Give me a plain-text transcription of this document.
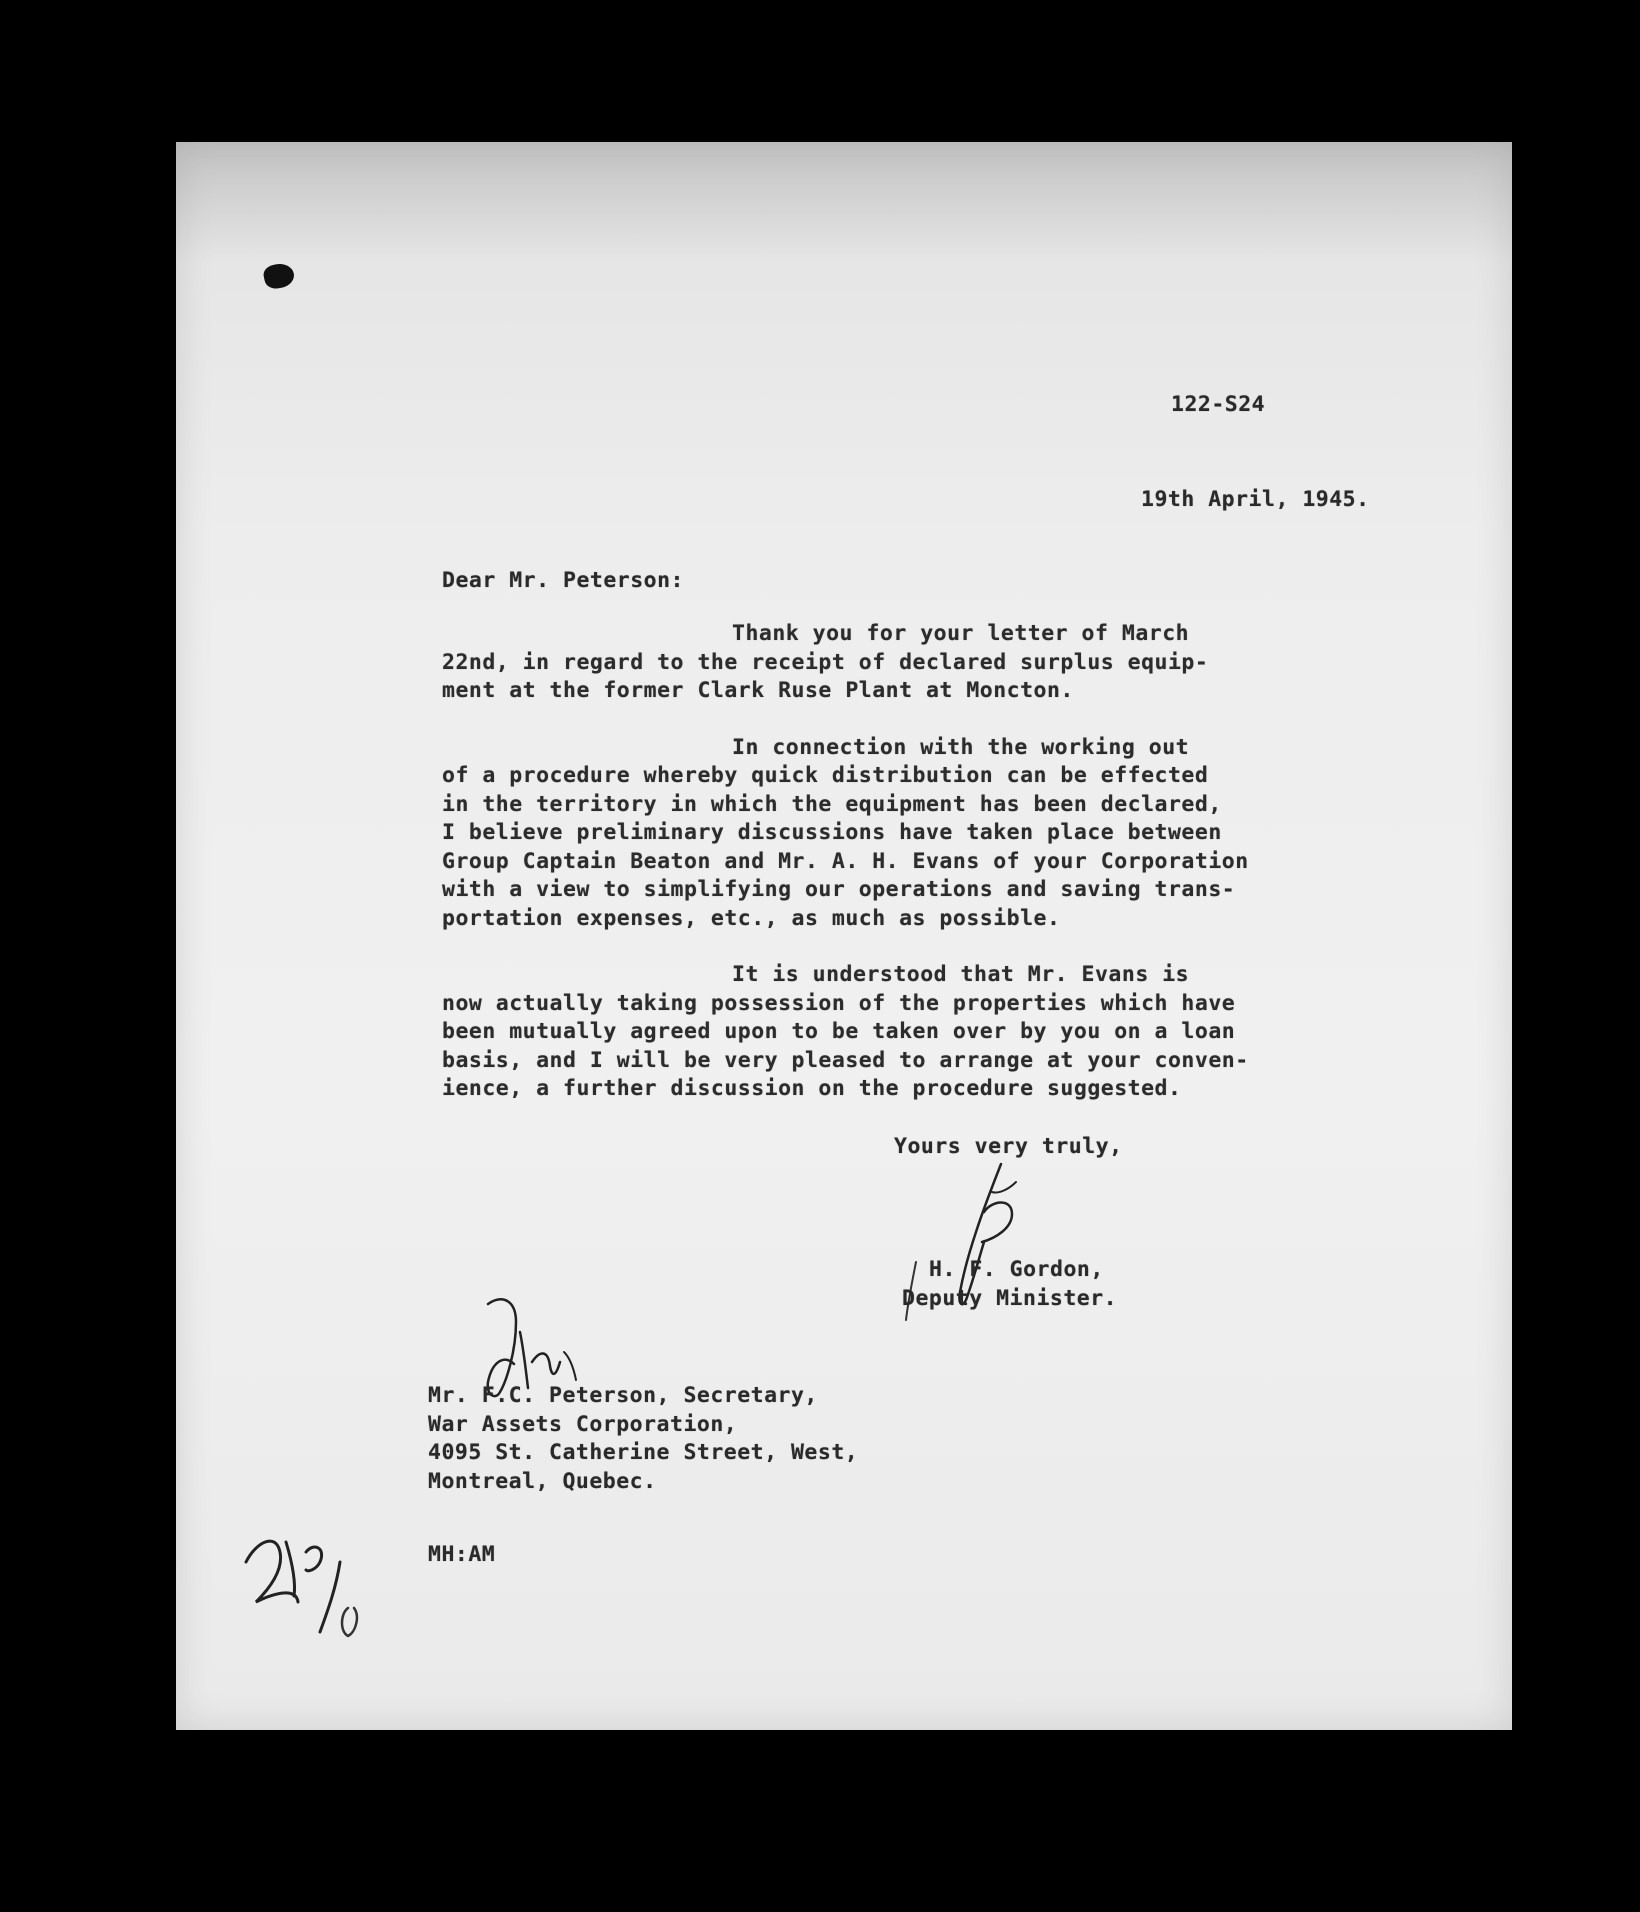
122-S24
19th April, 1945.
Dear Mr. Peterson:
Thank you for your letter of March
22nd, in regard to the receipt of declared surplus equip-
ment at the former Clark Ruse Plant at Moncton.
In connection with the working out
of a procedure whereby quick distribution can be effected
in the territory in which the equipment has been declared,
I believe preliminary discussions have taken place between
Group Captain Beaton and Mr. A. H. Evans of your Corporation
with a view to simplifying our operations and saving trans-
portation expenses, etc., as much as possible.
It is understood that Mr. Evans is
now actually taking possession of the properties which have
been mutually agreed upon to be taken over by you on a loan
basis, and I will be very pleased to arrange at your conven-
ience, a further discussion on the procedure suggested.
Yours very truly,
H. F. Gordon,
Deputy Minister.
Mr. F.C. Peterson, Secretary,
War Assets Corporation,
4095 St. Catherine Street, West,
Montreal, Quebec.
MH:AM
